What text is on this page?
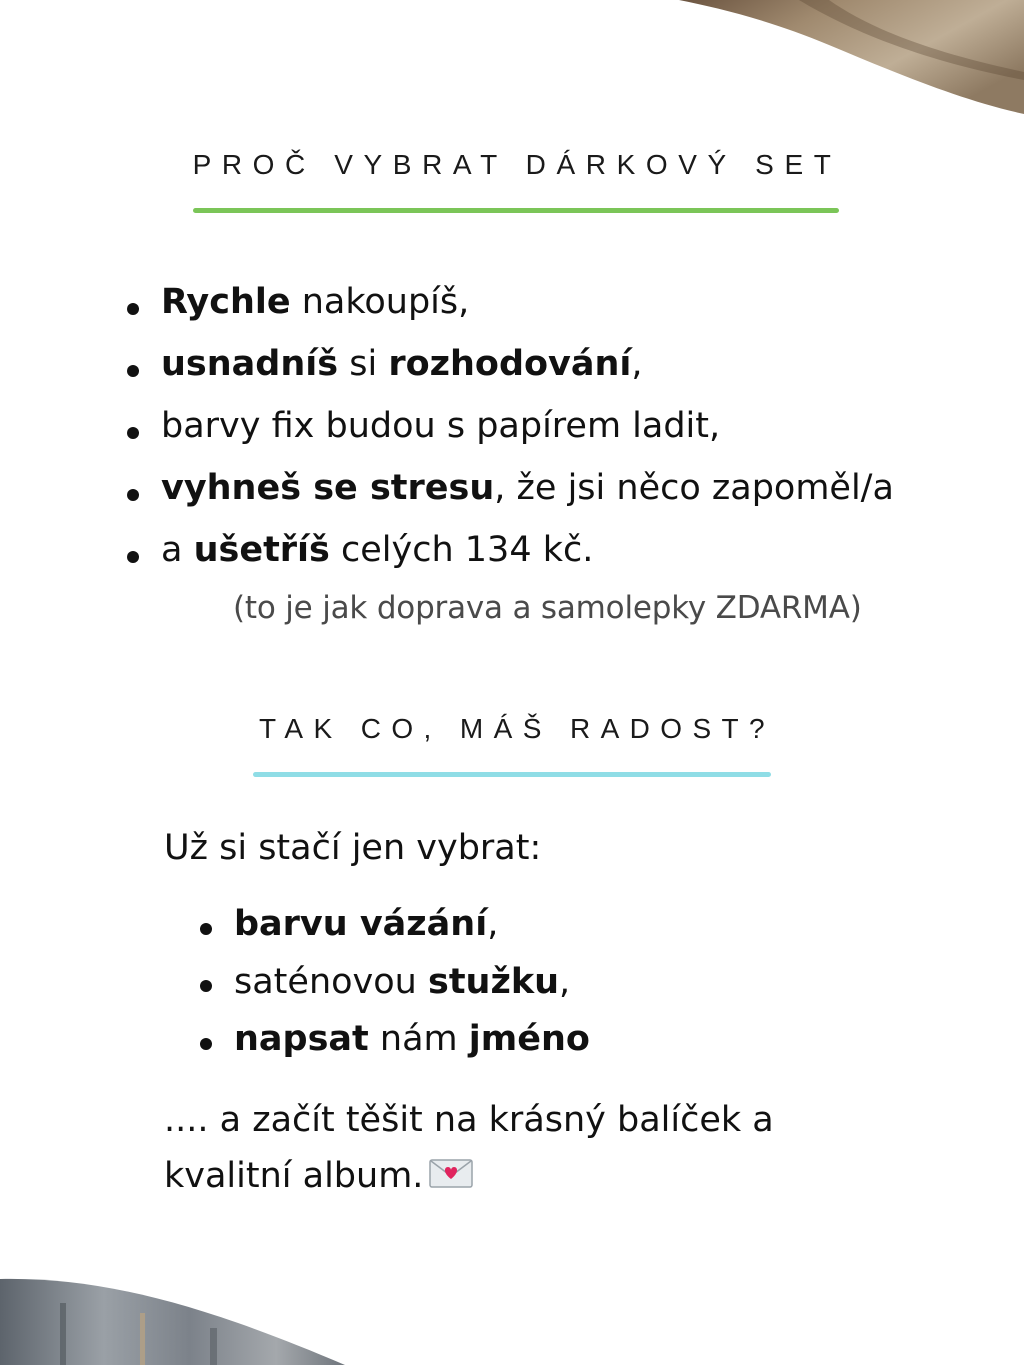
PROČ VYBRAT DÁRKOVÝ SET
Rychle nakoupíš,
usnadníš si rozhodování,
barvy fix budou s papírem ladit,
vyhneš se stresu, že jsi něco zapoměl/a
a ušetříš celých 134 kč.

(to je jak doprava a samolepky ZDARMA)

TAK CO, MÁŠ RADOST?

Už si stačí jen vybrat:

barvu vázání,
saténovou stužku,
napsat nám jméno

.... a začít těšit na krásný balíček a

kvalitní album.
